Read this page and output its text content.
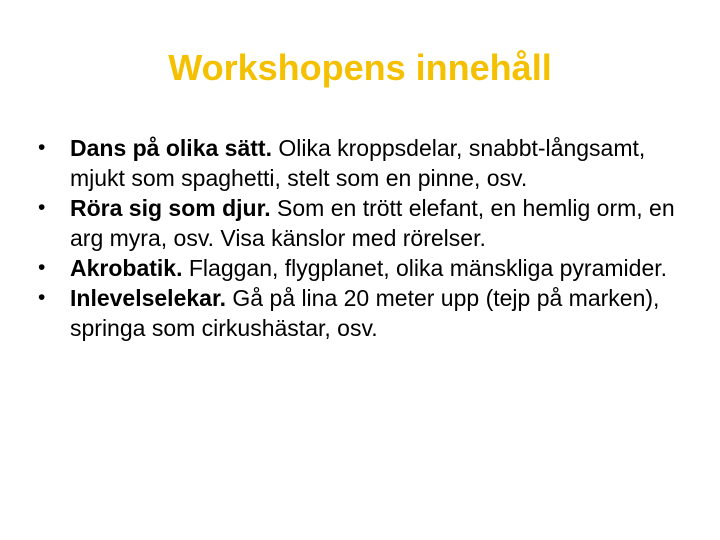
Workshopens innehåll
•	Dans på olika sätt. Olika kroppsdelar, snabbt-långsamt, mjukt som spaghetti, stelt som en pinne, osv.
•	Röra sig som djur. Som en trött elefant, en hemlig orm, en arg myra, osv. Visa känslor med rörelser.
•	Akrobatik. Flaggan, flygplanet, olika mänskliga pyramider.
•	Inlevelselekar. Gå på lina 20 meter upp (tejp på marken), springa som cirkushästar, osv.
